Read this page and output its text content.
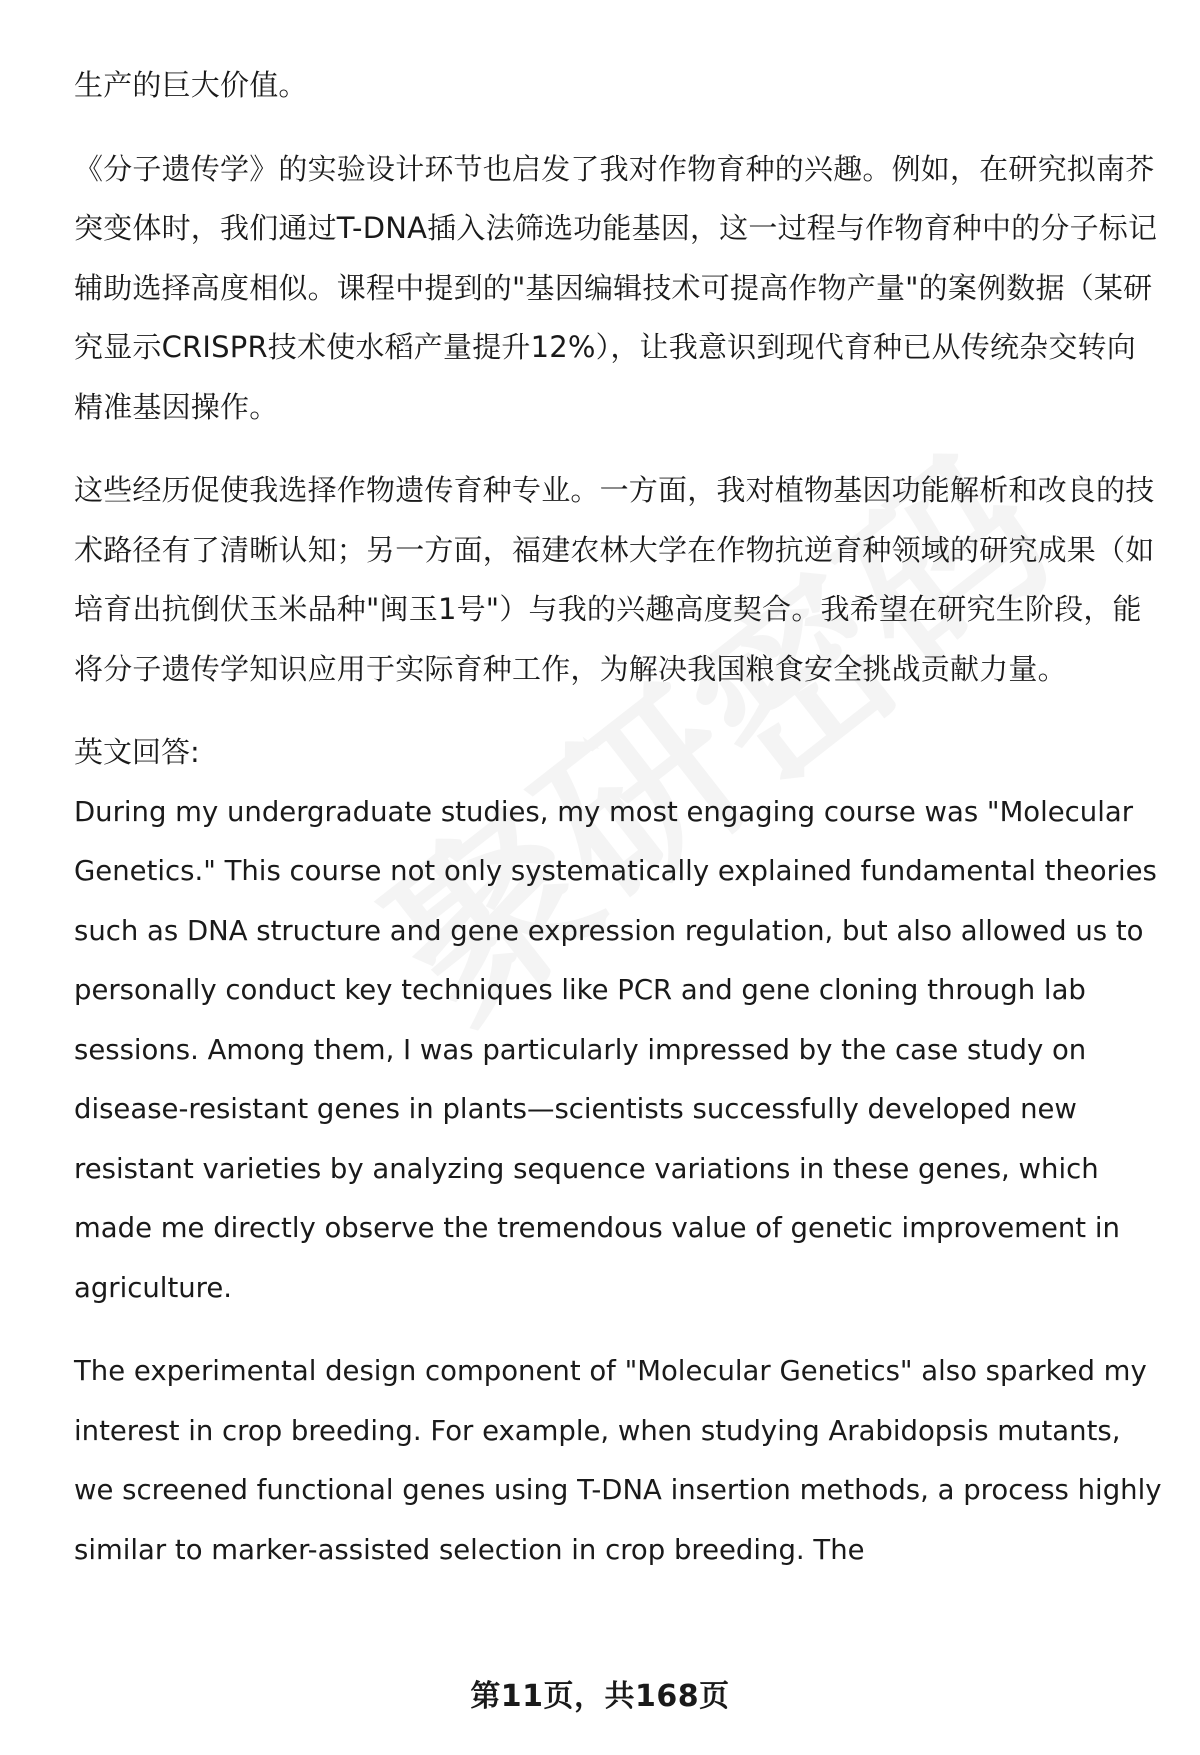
生产的巨大价值。

《分子遗传学》的实验设计环节也启发了我对作物育种的兴趣。例如，在研究拟南芥突变体时，我们通过T-DNA插入法筛选功能基因，这一过程与作物育种中的分子标记辅助选择高度相似。课程中提到的"基因编辑技术可提高作物产量"的案例数据（某研究显示CRISPR技术使水稻产量提升12%），让我意识到现代育种已从传统杂交转向精准基因操作。

这些经历促使我选择作物遗传育种专业。一方面，我对植物基因功能解析和改良的技术路径有了清晰认知；另一方面，福建农林大学在作物抗逆育种领域的研究成果（如培育出抗倒伏玉米品种"闽玉1号"）与我的兴趣高度契合。我希望在研究生阶段，能将分子遗传学知识应用于实际育种工作，为解决我国粮食安全挑战贡献力量。

英文回答:

During my undergraduate studies, my most engaging course was "Molecular Genetics." This course not only systematically explained fundamental theories such as DNA structure and gene expression regulation, but also allowed us to personally conduct key techniques like PCR and gene cloning through lab sessions. Among them, I was particularly impressed by the case study on disease-resistant genes in plants—scientists successfully developed new resistant varieties by analyzing sequence variations in these genes, which made me directly observe the tremendous value of genetic improvement in agriculture.

The experimental design component of "Molecular Genetics" also sparked my interest in crop breeding. For example, when studying Arabidopsis mutants, we screened functional genes using T-DNA insertion methods, a process highly similar to marker-assisted selection in crop breeding. The

第11页，共168页
